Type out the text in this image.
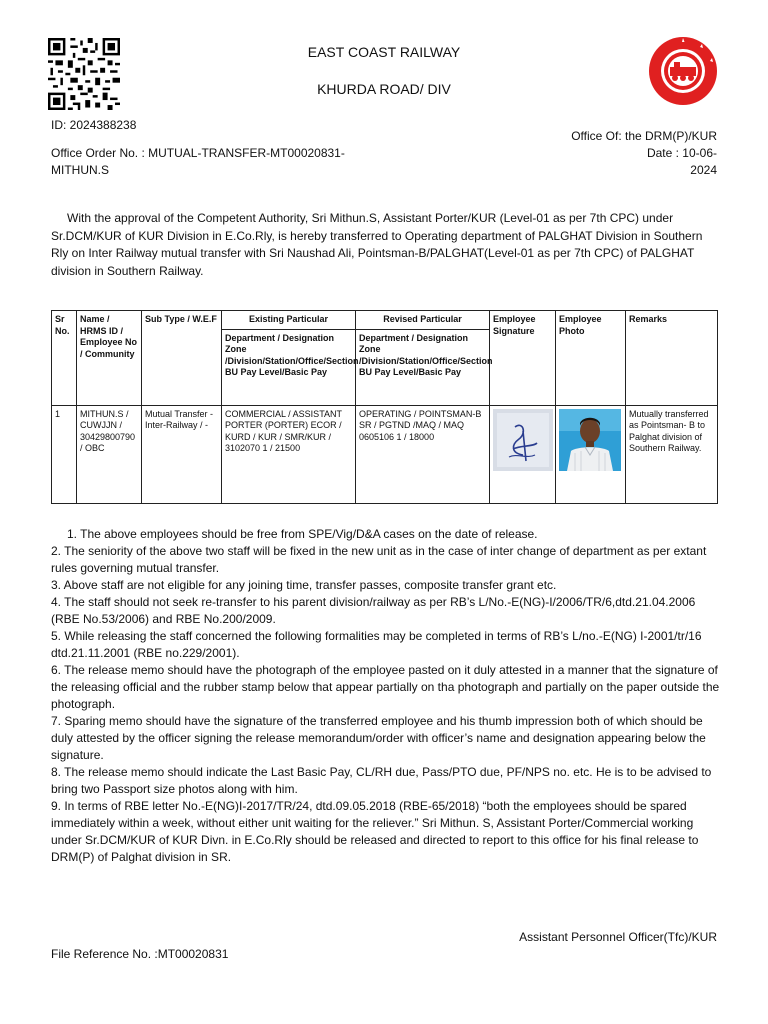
EAST COAST RAILWAY
KHURDA ROAD/ DIV
ID: 2024388238
Office Of: the DRM(P)/KUR
Office Order No. : MUTUAL-TRANSFER-MT00020831-
MITHUN.S
Date : 10-06-
2024
With the approval of the Competent Authority, Sri Mithun.S, Assistant Porter/KUR (Level-01 as per 7th CPC) under Sr.DCM/KUR of KUR Division in E.Co.Rly, is hereby transferred to Operating department of PALGHAT Division in Southern Rly on Inter Railway mutual transfer with Sri Naushad Ali, Pointsman-B/PALGHAT(Level-01 as per 7th CPC) of PALGHAT division in Southern Railway.
Sr No.	Name / HRMS ID / Employee No / Community	Sub Type / W.E.F	Existing Particular	Revised Particular	Employee Signature	Employee Photo	Remarks
			Department / Designation Zone /Division/Station/Office/Section BU Pay Level/Basic Pay	Department / Designation Zone /Division/Station/Office/Section BU Pay Level/Basic Pay			
1	MITHUN.S / CUWJJN / 30429800790 / OBC	Mutual Transfer - Inter-Railway / -	COMMERCIAL / ASSISTANT PORTER (PORTER) ECOR / KURD / KUR / SMR/KUR / 3102070 1 / 21500	OPERATING / POINTSMAN-B SR / PGTND /MAQ / MAQ 0605106 1 / 18000			Mutually transferred as Pointsman- B to Palghat division of Southern Railway.

1. The above employees should be free from SPE/Vig/D&A cases on the date of release.

2. The seniority of the above two staff will be fixed in the new unit as in the case of inter change of department as per extant rules governing mutual transfer.

3. Above staff are not eligible for any joining time, transfer passes, composite transfer grant etc.

4. The staff should not seek re-transfer to his parent division/railway as per RB’s L/No.-E(NG)-I/2006/TR/6,dtd.21.04.2006 (RBE No.53/2006) and RBE No.200/2009.

5. While releasing the staff concerned the following formalities may be completed in terms of RB’s L/no.-E(NG) I-2001/tr/16 dtd.21.11.2001 (RBE no.229/2001).

6. The release memo should have the photograph of the employee pasted on it duly attested in a manner that the signature of the releasing official and the rubber stamp below that appear partially on tha photograph and partially on the paper outside the photograph.

7. Sparing memo should have the signature of the transferred employee and his thumb impression both of which should be duly attested by the officer signing the release memorandum/order with officer’s name and designation appearing below the signature.

8. The release memo should indicate the Last Basic Pay, CL/RH due, Pass/PTO due, PF/NPS no. etc. He is to be advised to bring two Passport size photos along with him.

9. In terms of RBE letter No.-E(NG)I-2017/TR/24, dtd.09.05.2018 (RBE-65/2018) “both the employees should be spared immediately within a week, without either unit waiting for the reliever.” Sri Mithun. S, Assistant Porter/Commercial working under Sr.DCM/KUR of KUR Divn. in E.Co.Rly should be released and directed to report to this office for his final release to DRM(P) of Palghat division in SR.

Assistant Personnel Officer(Tfc)/KUR
File Reference No. :MT00020831
